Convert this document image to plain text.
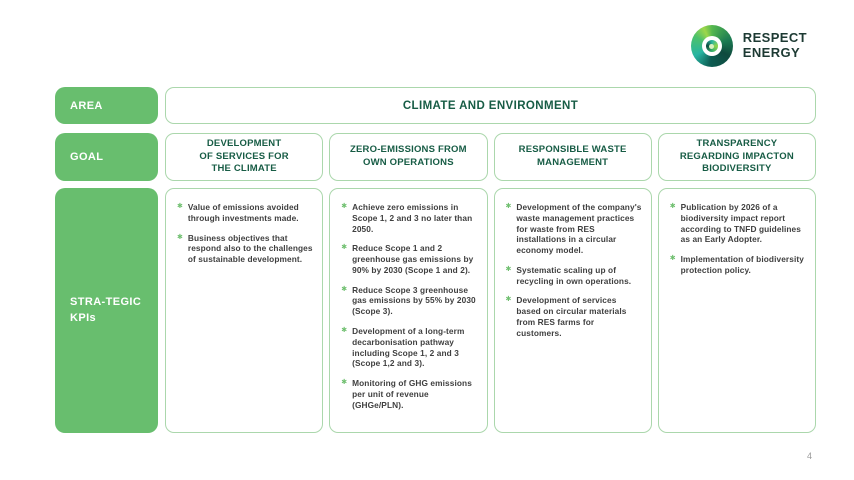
RESPECT
ENERGY
AREA	CLIMATE AND ENVIRONMENT
GOAL
DEVELOPMENT
OF SERVICES FOR
THE CLIMATE
ZERO-EMISSIONS FROM
OWN OPERATIONS
RESPONSIBLE WASTE
MANAGEMENT
TRANSPARENCY
REGARDING IMPACTON
BIODIVERSITY
STRA-TEGIC
KPIs
✱ Value of emissions avoided through investments made.
✱ Business objectives that respond also to the challenges of sustainable development.
✱ Achieve zero emissions in Scope 1, 2 and 3 no later than 2050.
✱ Reduce Scope 1 and 2 greenhouse gas emissions by 90% by 2030 (Scope 1 and 2).
✱ Reduce Scope 3 greenhouse gas emissions by 55% by 2030 (Scope 3).
✱ Development of a long-term decarbonisation pathway including Scope 1, 2 and 3 (Scope 1,2 and 3).
✱ Monitoring of GHG emissions per unit of revenue (GHGe/PLN).
✱ Development of the company's waste management practices for waste from RES installations in a circular economy model.
✱ Systematic scaling up of recycling in own operations.
✱ Development of services based on circular materials from RES farms for customers.
✱ Publication by 2026 of a biodiversity impact report according to TNFD guidelines as an Early Adopter.
✱ Implementation of biodiversity protection policy.
4
